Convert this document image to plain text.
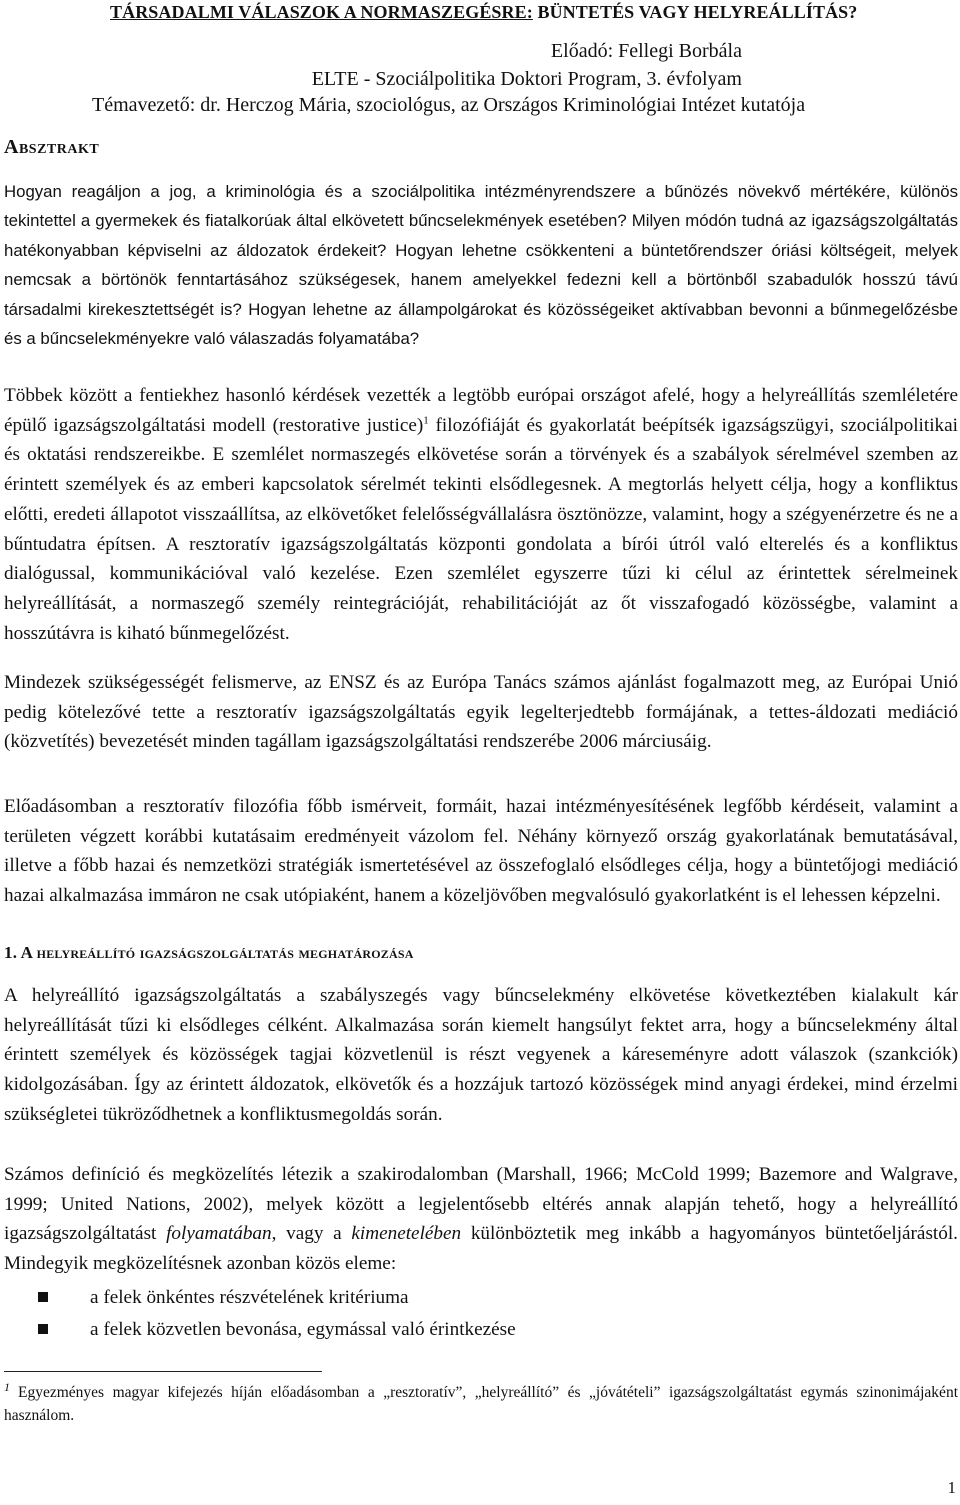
TÁRSADALMI VÁLASZOK A NORMASZEGÉSRE: BÜNTETÉS VAGY HELYREÁLLÍTÁS?
Előadó: Fellegi Borbála
ELTE - Szociálpolitika Doktori Program, 3. évfolyam
Témavezető: dr. Herczog Mária, szociológus, az Országos Kriminológiai Intézet kutatója
Absztrakt

Hogyan reagáljon a jog, a kriminológia és a szociálpolitika intézményrendszere a bűnözés növekvő mértékére, különös tekintettel a gyermekek és fiatalkorúak által elkövetett bűncselekmények esetében? Milyen módón tudná az igazságszolgáltatás hatékonyabban képviselni az áldozatok érdekeit? Hogyan lehetne csökkenteni a büntetőrendszer óriási költségeit, melyek nemcsak a börtönök fenntartásához szükségesek, hanem amelyekkel fedezni kell a börtönből szabadulók hosszú távú társadalmi kirekesztettségét is? Hogyan lehetne az állampolgárokat és közösségeiket aktívabban bevonni a bűnmegelőzésbe és a bűncselekményekre való válaszadás folyamatába?

Többek között a fentiekhez hasonló kérdések vezették a legtöbb európai országot afelé, hogy a helyreállítás szemléletére épülő igazságszolgáltatási modell (restorative justice)$^1$ filozófiáját és gyakorlatát beépítsék igazságszügyi, szociálpolitikai és oktatási rendszereikbe. E szemlélet normaszegés elkövetése során a törvények és a szabályok sérelmével szemben az érintett személyek és az emberi kapcsolatok sérelmét tekinti elsődlegesnek. A megtorlás helyett célja, hogy a konfliktus előtti, eredeti állapotot visszaállítsa, az elkövetőket felelősségvállalásra ösztönözze, valamint, hogy a szégyenérzetre és ne a bűntudatra építsen. A resztoratív igazságszolgáltatás központi gondolata a bírói útról való elterelés és a konfliktus dialógussal, kommunikációval való kezelése. Ezen szemlélet egyszerre tűzi ki célul az érintettek sérelmeinek helyreállítását, a normaszegő személy reintegrációját, rehabilitációját az őt visszafogadó közösségbe, valamint a hosszútávra is kiható bűnmegelőzést.

Mindezek szükségességét felismerve, az ENSZ és az Európa Tanács számos ajánlást fogalmazott meg, az Európai Unió pedig kötelezővé tette a resztoratív igazságszolgáltatás egyik legelterjedtebb formájának, a tettes-áldozati mediáció (közvetítés) bevezetését minden tagállam igazságszolgáltatási rendszerébe 2006 márciusáig.

Előadásomban a resztoratív filozófia főbb ismérveit, formáit, hazai intézményesítésének legfőbb kérdéseit, valamint a területen végzett korábbi kutatásaim eredményeit vázolom fel. Néhány környező ország gyakorlatának bemutatásával, illetve a főbb hazai és nemzetközi stratégiák ismertetésével az összefoglaló elsődleges célja, hogy a büntetőjogi mediáció hazai alkalmazása immáron ne csak utópiaként, hanem a közeljövőben megvalósuló gyakorlatként is el lehessen képzelni.

1. A helyreállító igazságszolgáltatás meghatározása

A helyreállító igazságszolgáltatás a szabályszegés vagy bűncselekmény elkövetése következtében kialakult kár helyreállítását tűzi ki elsődleges célként. Alkalmazása során kiemelt hangsúlyt fektet arra, hogy a bűncselekmény által érintett személyek és közösségek tagjai közvetlenül is részt vegyenek a káreseményre adott válaszok (szankciók) kidolgozásában. Így az érintett áldozatok, elkövetők és a hozzájuk tartozó közösségek mind anyagi érdekei, mind érzelmi szükségletei tükröződhetnek a konfliktusmegoldás során.

Számos definíció és megközelítés létezik a szakirodalomban (Marshall, 1966; McCold 1999; Bazemore and Walgrave, 1999; United Nations, 2002), melyek között a legjelentősebb eltérés annak alapján tehető, hogy a helyreállító igazságszolgáltatást folyamatában, vagy a kimenetelében különböztetik meg inkább a hagyományos büntetőeljárástól. Mindegyik megközelítésnek azonban közös eleme:

a felek önkéntes részvételének kritériuma
a felek közvetlen bevonása, egymással való érintkezése

$^1$ Egyezményes magyar kifejezés híján előadásomban a „resztoratív”, „helyreállító” és „jóvátételi” igazságszolgáltatást egymás szinonimájaként használom.

1
